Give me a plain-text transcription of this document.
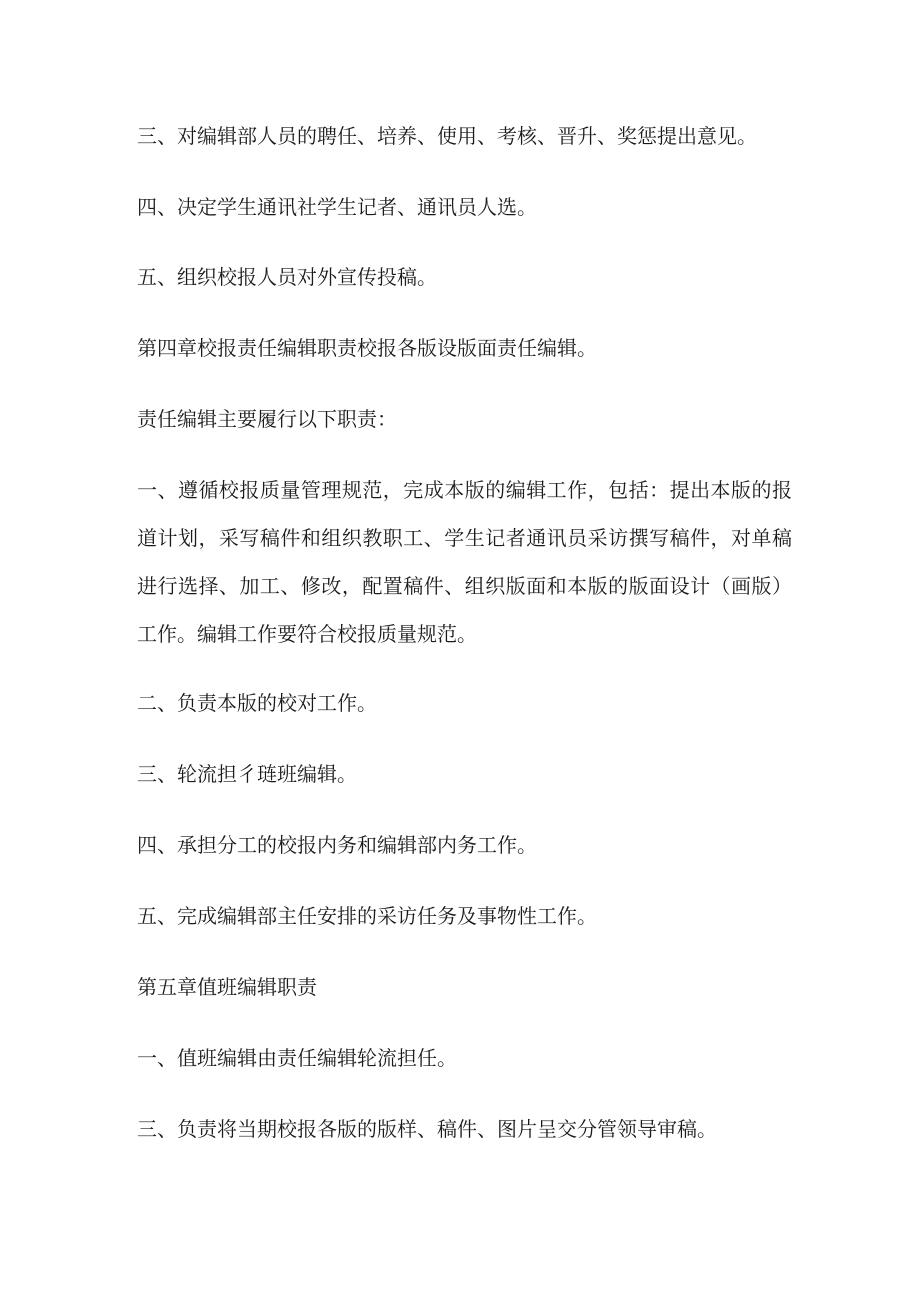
三、对编辑部人员的聘任、培养、使用、考核、晋升、奖惩提出意见。

四、决定学生通讯社学生记者、通讯员人选。

五、组织校报人员对外宣传投稿。

第四章校报责任编辑职责校报各版设版面责任编辑。

责任编辑主要履行以下职责：

一、遵循校报质量管理规范，完成本版的编辑工作，包括：提出本版的报道计划，采写稿件和组织教职工、学生记者通讯员采访撰写稿件，对单稿进行选择、加工、修改，配置稿件、组织版面和本版的版面设计（画版）工作。编辑工作要符合校报质量规范。

二、负责本版的校对工作。

三、轮流担彳琏班编辑。

四、承担分工的校报内务和编辑部内务工作。

五、完成编辑部主任安排的采访任务及事物性工作。

第五章值班编辑职责

一、值班编辑由责任编辑轮流担任。

三、负责将当期校报各版的版样、稿件、图片呈交分管领导审稿。
